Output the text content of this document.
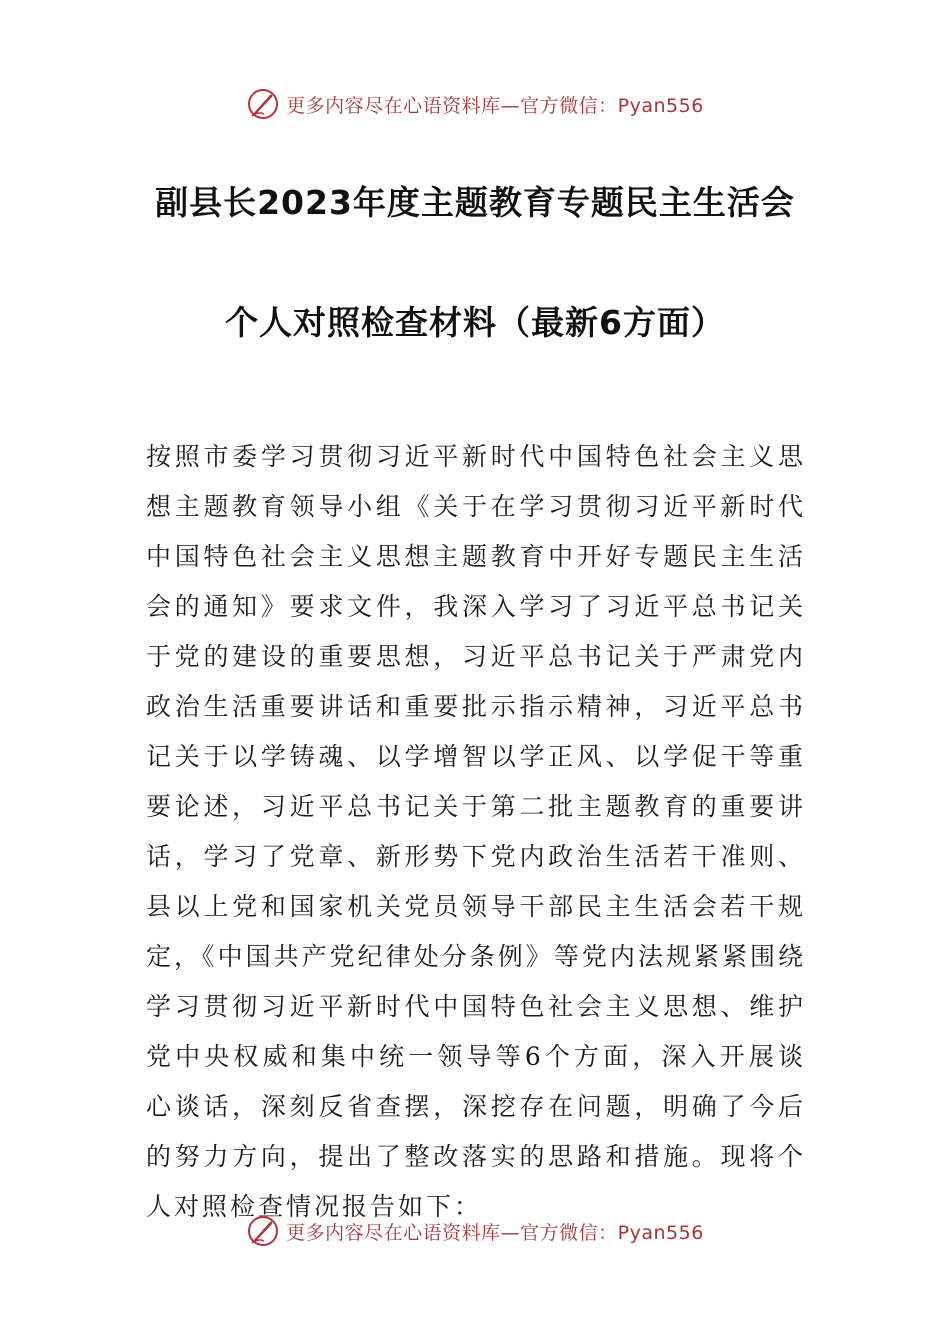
更多内容尽在心语资料库—官方微信：Pyan556
副县长2023年度主题教育专题民主生活会
个人对照检查材料（最新6方面）

按照市委学习贯彻习近平新时代中国特色社会主义思想主题教育领导小组《关于在学习贯彻习近平新时代中国特色社会主义思想主题教育中开好专题民主生活会的通知》要求文件，我深入学习了习近平总书记关于党的建设的重要思想，习近平总书记关于严肃党内政治生活重要讲话和重要批示指示精神，习近平总书记关于以学铸魂、以学增智以学正风、以学促干等重要论述，习近平总书记关于第二批主题教育的重要讲话，学习了党章、新形势下党内政治生活若干准则、县以上党和国家机关党员领导干部民主生活会若干规定，《中国共产党纪律处分条例》等党内法规紧紧围绕学习贯彻习近平新时代中国特色社会主义思想、维护党中央权威和集中统一领导等6个方面，深入开展谈心谈话，深刻反省查摆，深挖存在问题，明确了今后的努力方向，提出了整改落实的思路和措施。现将个人对照检查情况报告如下：

更多内容尽在心语资料库—官方微信：Pyan556
